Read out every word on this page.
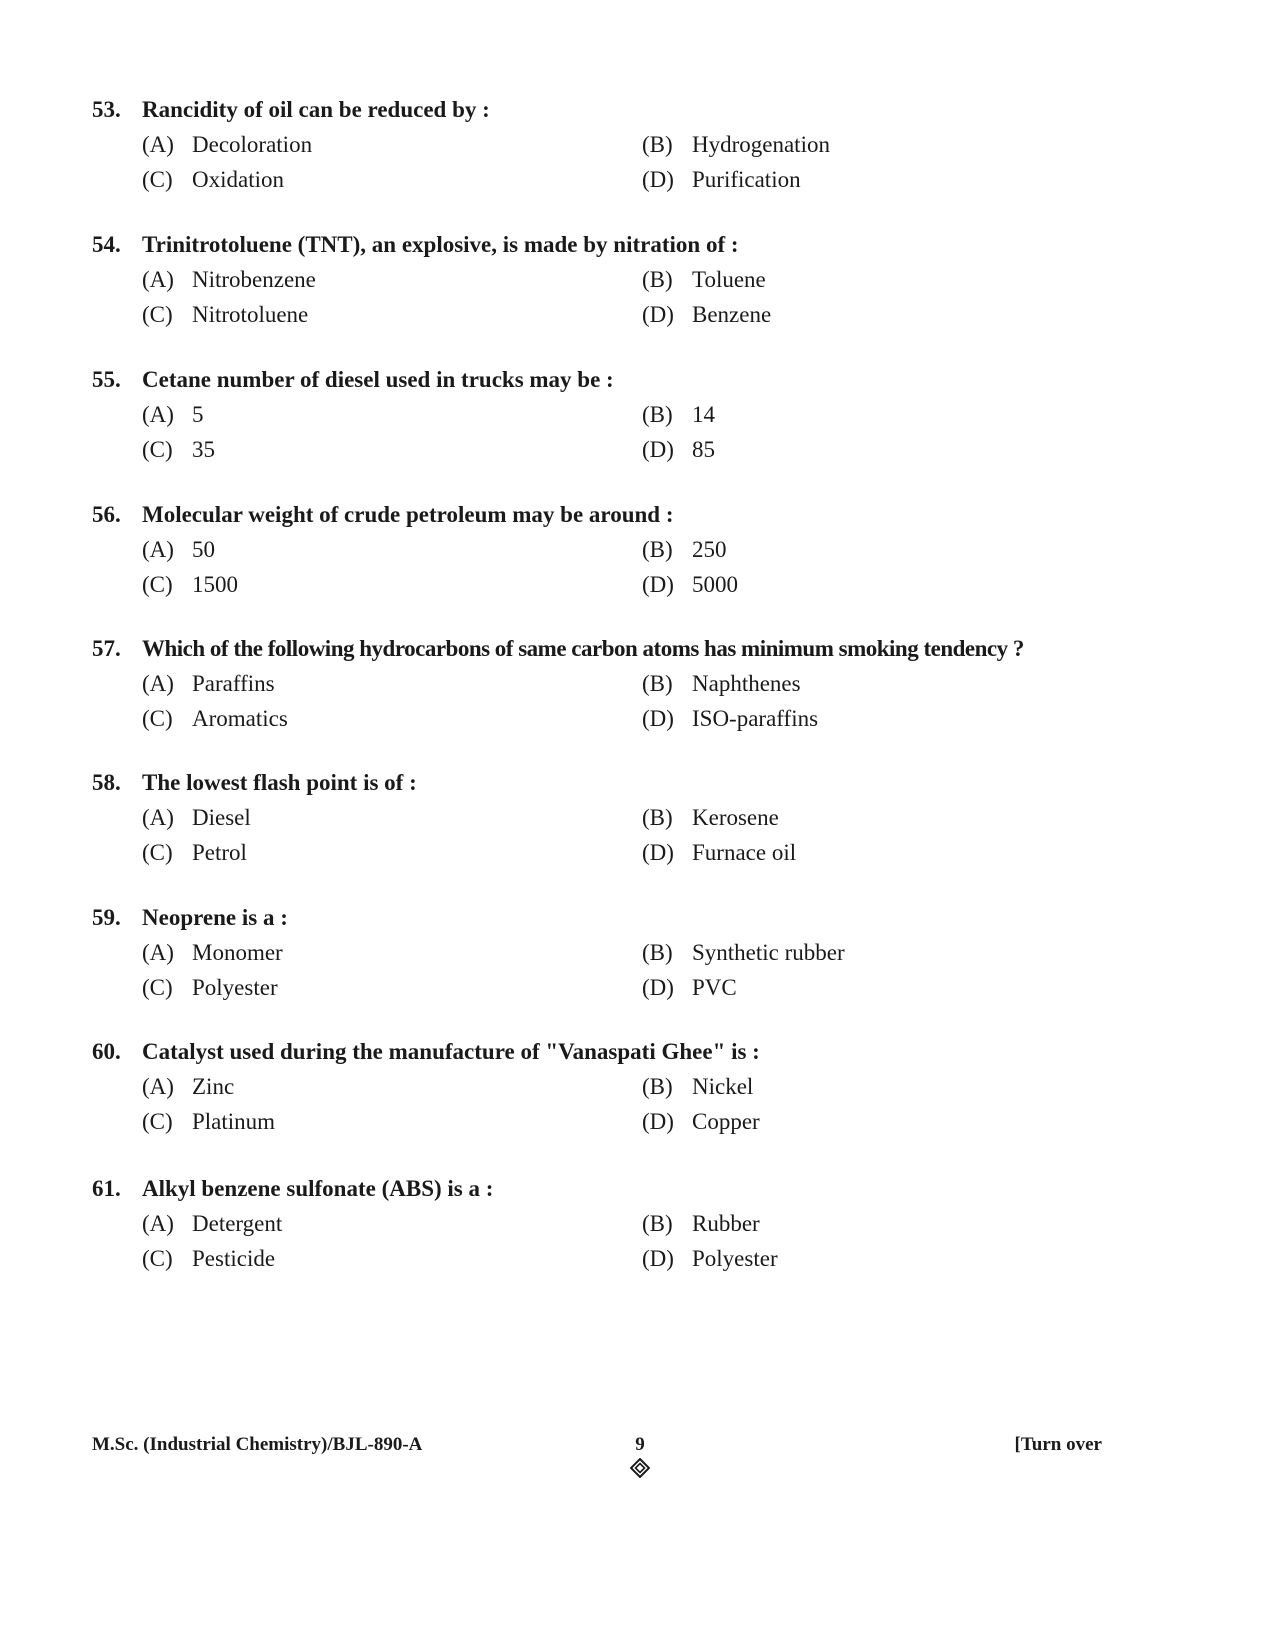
53. Rancidity of oil can be reduced by :
(A) Decoloration	(B) Hydrogenation
(C) Oxidation	(D) Purification
54. Trinitrotoluene (TNT), an explosive, is made by nitration of :
(A) Nitrobenzene	(B) Toluene
(C) Nitrotoluene	(D) Benzene
55. Cetane number of diesel used in trucks may be :
(A) 5	(B) 14
(C) 35	(D) 85
56. Molecular weight of crude petroleum may be around :
(A) 50	(B) 250
(C) 1500	(D) 5000
57. Which of the following hydrocarbons of same carbon atoms has minimum smoking tendency ?
(A) Paraffins	(B) Naphthenes
(C) Aromatics	(D) ISO-paraffins
58. The lowest flash point is of :
(A) Diesel	(B) Kerosene
(C) Petrol	(D) Furnace oil
59. Neoprene is a :
(A) Monomer	(B) Synthetic rubber
(C) Polyester	(D) PVC
60. Catalyst used during the manufacture of "Vanaspati Ghee" is :
(A) Zinc	(B) Nickel
(C) Platinum	(D) Copper
61. Alkyl benzene sulfonate (ABS) is a :
(A) Detergent	(B) Rubber
(C) Pesticide	(D) Polyester
M.Sc. (Industrial Chemistry)/BJL-890-A	9	[Turn over
